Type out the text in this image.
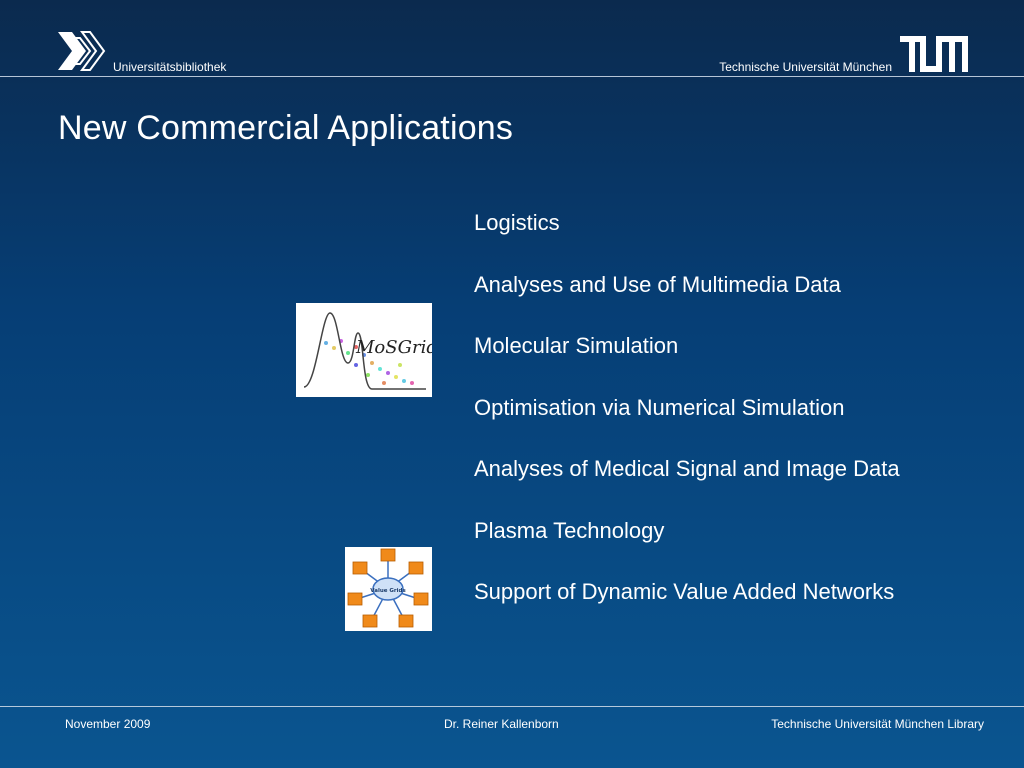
Universitätsbibliothek	Technische Universität München
New Commercial Applications
Logistics
Analyses and Use of Multimedia Data
Molecular Simulation
Optimisation via Numerical Simulation
Analyses of Medical Signal and Image Data
Plasma Technology
Support of Dynamic Value Added Networks
MoSGrid
Value Grids
November 2009	Dr. Reiner Kallenborn	Technische Universität München Library
